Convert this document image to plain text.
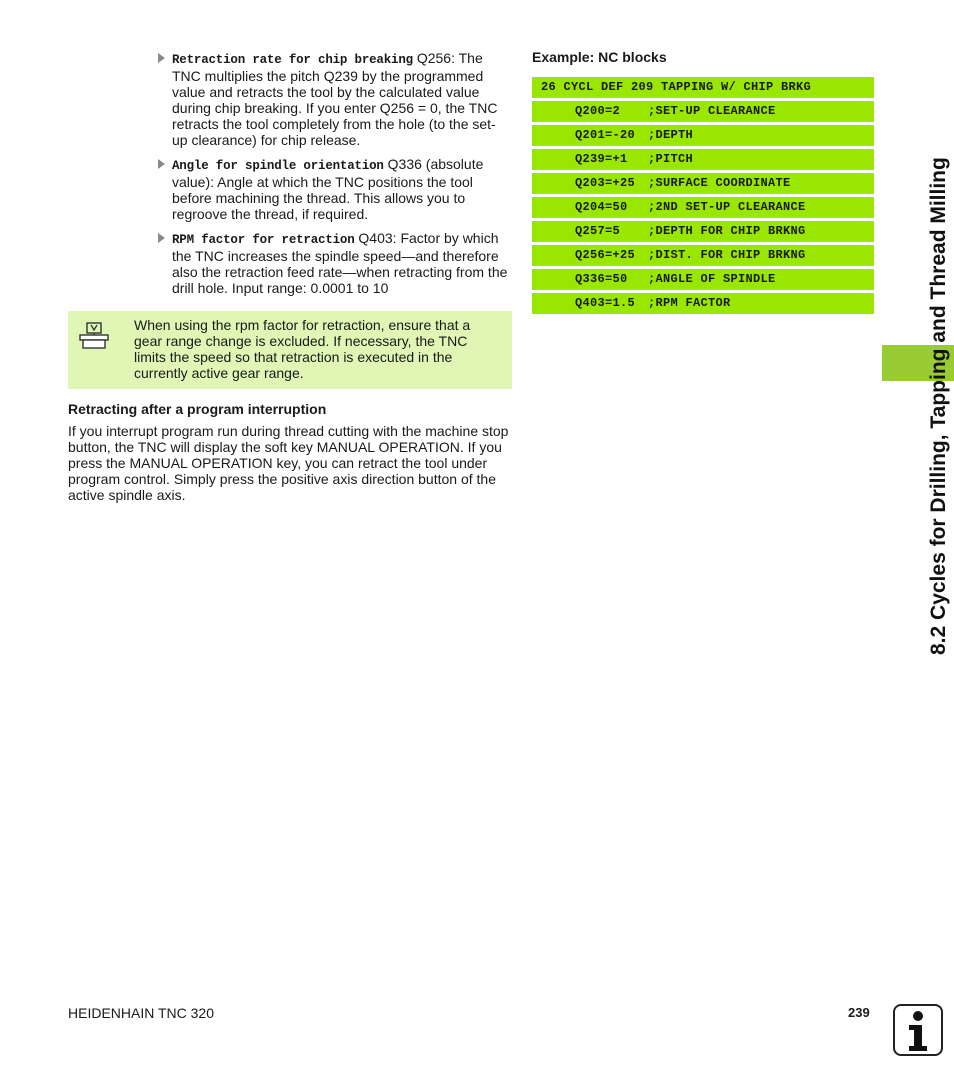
Retraction rate for chip breaking Q256: The TNC multiplies the pitch Q239 by the programmed value and retracts the tool by the calculated value during chip breaking. If you enter Q256 = 0, the TNC retracts the tool completely from the hole (to the set-up clearance) for chip release.
Angle for spindle orientation Q336 (absolute value): Angle at which the TNC positions the tool before machining the thread. This allows you to regroove the thread, if required.
RPM factor for retraction Q403: Factor by which the TNC increases the spindle speed—and therefore also the retraction feed rate—when retracting from the drill hole. Input range: 0.0001 to 10
When using the rpm factor for retraction, ensure that a gear range change is excluded. If necessary, the TNC limits the speed so that retraction is executed in the currently active gear range.
Retracting after a program interruption
If you interrupt program run during thread cutting with the machine stop button, the TNC will display the soft key MANUAL OPERATION. If you press the MANUAL OPERATION key, you can retract the tool under program control. Simply press the positive axis direction button of the active spindle axis.
Example: NC blocks
26 CYCL DEF 209 TAPPING W/ CHIP BRKG
Q200=2 ;SET-UP CLEARANCE
Q201=-20 ;DEPTH
Q239=+1 ;PITCH
Q203=+25 ;SURFACE COORDINATE
Q204=50 ;2ND SET-UP CLEARANCE
Q257=5 ;DEPTH FOR CHIP BRKNG
Q256=+25 ;DIST. FOR CHIP BRKNG
Q336=50 ;ANGLE OF SPINDLE
Q403=1.5 ;RPM FACTOR	8.2 Cycles for Drilling, Tapping and Thread Milling
HEIDENHAIN TNC 320	239
